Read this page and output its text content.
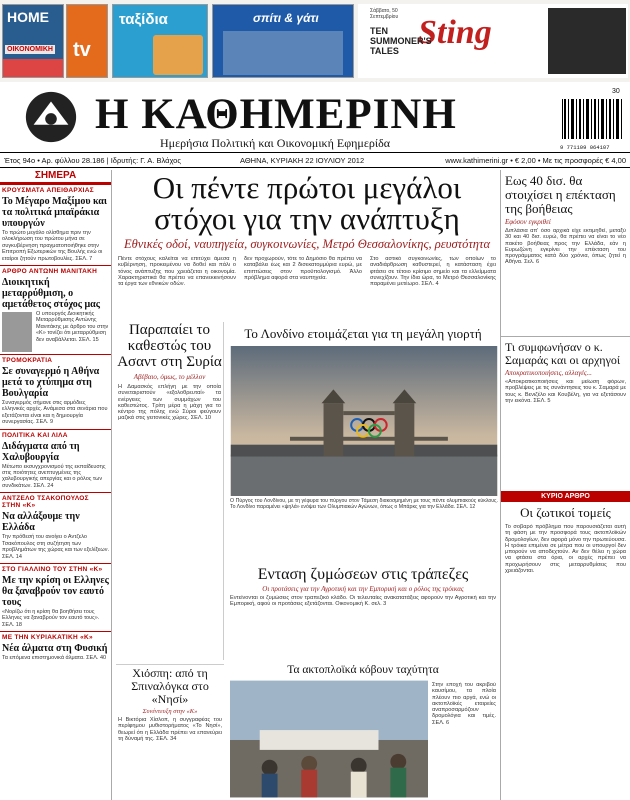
HOME
ΟΙΚΟΝΟΜΙΚΗ tv
ταξίδια	σπίτι & γάτι	Sting
Σάββατο, 50 Σεπτεμβρίου
TEN
SUMMONER'S
TALES
Η ΚΑΘΗΜΕΡΙΝΗ
Ημερήσια Πολιτική και Οικονομική Εφημερίδα
30
9 771109 064107
Έτος 94ο • Αρ. φύλλου 28.186 | Ιδρυτής: Γ. Α. Βλάχος	ΑΘΗΝΑ, ΚΥΡΙΑΚΗ 22 ΙΟΥΛΙΟΥ 2012	www.kathimerini.gr • € 2,00 • Με τις προσφορές € 4,00
ΣΗΜΕΡΑ
ΚΡΟΥΣΜΑΤΑ ΑΠΕΙΘΑΡΧΙΑΣ
Το Μέγαρο Μαξίμου και τα πολιτικά μπαϊράκια υπουργών
Το πρώτο μεγάλο ολίσθημα πριν την ολοκλήρωση του πρώτου μήνα σε συγκυβέρνηση πραγματοποιήθηκε στην Επιτροπή Εξωτερικών της Βουλής ενώ οι εταίροι ζητούν πρωτοβουλίες. ΣΕΛ. 7
ΑΡΘΡΟ ΑΝΤΩΝΗ ΜΑΝΙΤΑΚΗ
Διοικητική μεταρρύθμιση, ο αμετάθετος στόχος μας
Ο υπουργός Διοικητικής Μεταρρύθμισης Αντώνης Μανιτάκης με άρθρο του στην «Κ» τονίζει ότι μεταρρύθμιση δεν αναβάλλεται. ΣΕΛ. 15
ΤΡΟΜΟΚΡΑΤΙΑ
Σε συναγερμό η Αθήνα μετά το χτύπημα στη Βουλγαρία
Συναγερμός σήμανε στις αρμόδιες ελληνικές αρχές. Ανάμεσα στα σενάρια που εξετάζονται είναι και η δημιουργία συνεργασίας. ΣΕΛ. 9
ΠΟΛΙΤΙΚΑ ΚΑΙ ΛΙΛΑ
Διδάγματα από τη Χαλυβουργία
Μέτωπο εκσυγχρονισμού της εκπαίδευσης στις ποιότητες ανεπτυγμένες της χαλυβουργικής απεργίας και ο ρόλος των συνδικάτων. ΣΕΛ. 24
ΑΝΤΖΕΛΟ ΤΣΑΚΟΠΟΥΛΟΣ ΣΤΗΝ «Κ»
Να αλλάξουμε την Ελλάδα
Την πρόθεσή του ανοίγει ο Αντζελο Τσακόπουλος στη συζήτηση των προβλημάτων της χώρας και των εξελίξεων. ΣΕΛ. 14
ΣΤΟ ΓΙΑΛΛΙΝΟ ΤΟΥ ΣΤΗΝ «Κ»
Με την κρίση οι Ελληνες θα ξαναβρούν τον εαυτό τους
«Νορίζω ότι η κρίση θα βοηθήσει τους Ελληνες να ξαναβρούν τον εαυτό τους». ΣΕΛ. 18
ΜΕ ΤΗΝ ΚΥΡΙΑΚΑΤΙΚΗ «Κ»
Νέα άλματα στη Φυσική
Τα επόμενα επιστημονικά άλματα. ΣΕΛ. 40
Οι πέντε πρώτοι μεγάλοι
στόχοι για την ανάπτυξη
Εθνικές οδοί, ναυπηγεία, συγκοινωνίες, Μετρό Θεσσαλονίκης, ρευστότητα
Πέντε στόχους καλείται να επιτύχει άμεσα η κυβέρνηση, προκειμένου να δοθεί και πάλι ο τόνος ανάπτυξης που χρειάζεται η οικονομία. Χαρακτηριστικά θα πρέπει να επανεκκινήσουν τα έργα των εθνικών οδών.
δεν προχωρούν, τότε το Δημόσιο θα πρέπει να καταβάλει έως και 2 δισεκατομμύρια ευρώ, με επιπτώσεις στον προϋπολογισμό. Άλλο πρόβλημα αφορά στα ναυπηγεία.
Στο αστικό συγκοινωνίες, των οποίων το αναδιάρθρωση καθυστερεί, η κατάσταση έχει φτάσει σε τέτοιο κρίσιμο σημείο και τα ελλείμματα συνεχίζουν. Την ίδια ώρα, το Μετρό Θεσσαλονίκης παραμένει μετέωρο. ΣΕΛ. 4
Παραπαίει το καθεστώς του Ασαντ στη Συρία
Αβέβαιο, όμως, το μέλλον
Η Δαμασκός επλήγη με την οποία συνεταιριστούν «εξολοθρευταί» τα ενέργειες των συμμάχων του καθεστώτος. Τρίτη μέρα η μάχη για το κέντρο της πόλης ενώ Σύροι φεύγουν μαζικά στις γειτονικές χώρες. ΣΕΛ. 10
Το Λονδίνο ετοιμάζεται για τη μεγάλη γιορτή
Ο Πύργος του Λονδίνου, με τη γέφυρα του πύργου στον Τάμεση διακοσμημένη με τους πέντε ολυμπιακούς κύκλους. Το Λονδίνο παραμένει «ψηλά» ενόψει των Ολυμπιακών Αγώνων, όπως ο Μπάρκς για την Ελλάδα. ΣΕΛ. 12
Ενταση ζυμώσεων στις τράπεζες
Οι προτάσεις για την Αγροτική και την Εμπορική και ο ρόλος της τρόικας
Εντείνονται οι ζυμώσεις στον τραπεζικό κλάδο. Οι τελευταίες ανακατατάξεις αφορούν την Αγροτική και την Εμπορική, αφού οι προτάσεις εξετάζονται. Οικονομική Κ. σελ. 3
Χιόσπη: από τη Σπιναλόγκα στο «Νησί»
Συνέντευξη στην «Κ»
Η Βικτόρια Χίσλοπ, η συγγραφέας του περίφημου μυθιστορήματος «Το Νησί», θεωρεί ότι η Ελλάδα πρέπει να επανεύρει τη δύναμή της. ΣΕΛ. 34
Τα ακτοπλοϊκά κόβουν ταχύτητα
Στην εποχή του ακριβού καυσίμου, τα πλοία πλέουν πιο αργά, ενώ οι ακτοπλοϊκές εταιρείες αναπροσαρμόζουν δρομολόγια και τιμές. ΣΕΛ. 6
Εως 40 δισ. θα στοιχίσει η επέκταση της βοήθειας
Εφόσον εγκριθεί
Διπλάσια απ' όσο αρχικά είχε εκτιμηθεί, μεταξύ 30 και 40 δισ. ευρώ, θα πρέπει να είναι το νέο πακέτο βοήθειας προς την Ελλάδα, εάν η Ευρωζώνη εγκρίνει την επέκταση του προγράμματος κατά δύο χρόνια, όπως ζητεί η Αθήνα. Σελ. 6
Τι συμφωνήσαν ο κ. Σαμαράς και οι αρχηγοί
Αποκρατικοποιήσεις, αλλαγές...
«Αποκρατικοποιήσεις και μείωση φόρων, προβλέψεις με τις συνάντησεις του κ. Σαμαρά με τους κ. Βενιζέλο και Κουβέλη, για να εξετάσουν την εικόνα. ΣΕΛ. 5
ΚΥΡΙΟ ΑΡΘΡΟ
Οι ζωτικοί τομείς
Το σοβαρό πρόβλημα που παρουσιάζεται αυτή τη φάση με την προσφορά τους ακτοπλοϊκών δρομολογίων, δεν αφορά μόνο την πρωτεύουσα. Η τρόικα επιμένει σε μέτρα που οι υπουργοί δεν μπορούν να αποδεχτούν. Αν δεν θέλει η χώρα να φτάσει στα όρια, οι αρχές πρέπει να προχωρήσουν στις μεταρρυθμίσεις που χρειάζονται.
